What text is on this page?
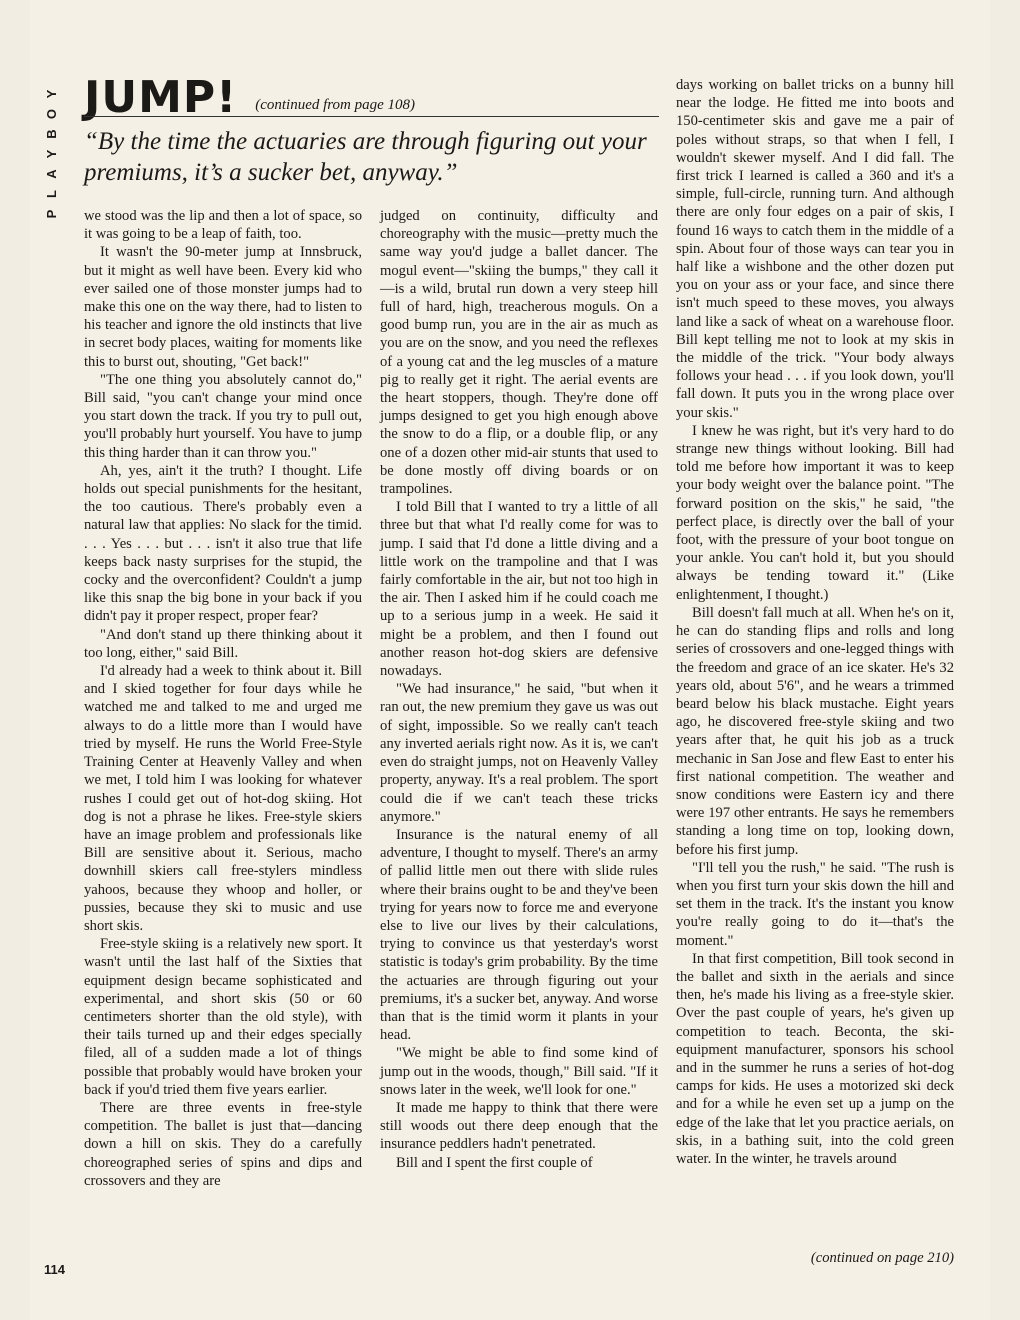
Y
O
B
Y
A
L
P
JUMP! (continued from page 108)
“By the time the actuaries are through figuring out your premiums, it’s a sucker bet, anyway.”

we stood was the lip and then a lot of space, so it was going to be a leap of faith, too.

It wasn't the 90-meter jump at Innsbruck, but it might as well have been. Every kid who ever sailed one of those monster jumps had to make this one on the way there, had to listen to his teacher and ignore the old instincts that live in secret body places, waiting for moments like this to burst out, shouting, "Get back!"

"The one thing you absolutely cannot do," Bill said, "you can't change your mind once you start down the track. If you try to pull out, you'll probably hurt yourself. You have to jump this thing harder than it can throw you."

Ah, yes, ain't it the truth? I thought. Life holds out special punishments for the hesitant, the too cautious. There's probably even a natural law that applies: No slack for the timid. . . . Yes . . . but . . . isn't it also true that life keeps back nasty surprises for the stupid, the cocky and the overconfident? Couldn't a jump like this snap the big bone in your back if you didn't pay it proper respect, proper fear?

"And don't stand up there thinking about it too long, either," said Bill.

I'd already had a week to think about it. Bill and I skied together for four days while he watched me and talked to me and urged me always to do a little more than I would have tried by myself. He runs the World Free-Style Training Center at Heavenly Valley and when we met, I told him I was looking for whatever rushes I could get out of hot-dog skiing. Hot dog is not a phrase he likes. Free-style skiers have an image problem and professionals like Bill are sensitive about it. Serious, macho downhill skiers call free-stylers mindless yahoos, because they whoop and holler, or pussies, because they ski to music and use short skis.

Free-style skiing is a relatively new sport. It wasn't until the last half of the Sixties that equipment design became sophisticated and experimental, and short skis (50 or 60 centimeters shorter than the old style), with their tails turned up and their edges specially filed, all of a sudden made a lot of things possible that probably would have broken your back if you'd tried them five years earlier.

There are three events in free-style competition. The ballet is just that—dancing down a hill on skis. They do a carefully choreographed series of spins and dips and crossovers and they are

judged on continuity, difficulty and choreography with the music—pretty much the same way you'd judge a ballet dancer. The mogul event—"skiing the bumps," they call it—is a wild, brutal run down a very steep hill full of hard, high, treacherous moguls. On a good bump run, you are in the air as much as you are on the snow, and you need the reflexes of a young cat and the leg muscles of a mature pig to really get it right. The aerial events are the heart stoppers, though. They're done off jumps designed to get you high enough above the snow to do a flip, or a double flip, or any one of a dozen other mid-air stunts that used to be done mostly off diving boards or on trampolines.

I told Bill that I wanted to try a little of all three but that what I'd really come for was to jump. I said that I'd done a little diving and a little work on the trampoline and that I was fairly comfortable in the air, but not too high in the air. Then I asked him if he could coach me up to a serious jump in a week. He said it might be a problem, and then I found out another reason hot-dog skiers are defensive nowadays.

"We had insurance," he said, "but when it ran out, the new premium they gave us was out of sight, impossible. So we really can't teach any inverted aerials right now. As it is, we can't even do straight jumps, not on Heavenly Valley property, anyway. It's a real problem. The sport could die if we can't teach these tricks anymore."

Insurance is the natural enemy of all adventure, I thought to myself. There's an army of pallid little men out there with slide rules where their brains ought to be and they've been trying for years now to force me and everyone else to live our lives by their calculations, trying to convince us that yesterday's worst statistic is today's grim probability. By the time the actuaries are through figuring out your premiums, it's a sucker bet, anyway. And worse than that is the timid worm it plants in your head.

"We might be able to find some kind of jump out in the woods, though," Bill said. "If it snows later in the week, we'll look for one."

It made me happy to think that there were still woods out there deep enough that the insurance peddlers hadn't penetrated.

Bill and I spent the first couple of

days working on ballet tricks on a bunny hill near the lodge. He fitted me into boots and 150-centimeter skis and gave me a pair of poles without straps, so that when I fell, I wouldn't skewer myself. And I did fall. The first trick I learned is called a 360 and it's a simple, full-circle, running turn. And although there are only four edges on a pair of skis, I found 16 ways to catch them in the middle of a spin. About four of those ways can tear you in half like a wishbone and the other dozen put you on your ass or your face, and since there isn't much speed to these moves, you always land like a sack of wheat on a warehouse floor. Bill kept telling me not to look at my skis in the middle of the trick. "Your body always follows your head . . . if you look down, you'll fall down. It puts you in the wrong place over your skis."

I knew he was right, but it's very hard to do strange new things without looking. Bill had told me before how important it was to keep your body weight over the balance point. "The forward position on the skis," he said, "the perfect place, is directly over the ball of your foot, with the pressure of your boot tongue on your ankle. You can't hold it, but you should always be tending toward it." (Like enlightenment, I thought.)

Bill doesn't fall much at all. When he's on it, he can do standing flips and rolls and long series of crossovers and one-legged things with the freedom and grace of an ice skater. He's 32 years old, about 5'6", and he wears a trimmed beard below his black mustache. Eight years ago, he discovered free-style skiing and two years after that, he quit his job as a truck mechanic in San Jose and flew East to enter his first national competition. The weather and snow conditions were Eastern icy and there were 197 other entrants. He says he remembers standing a long time on top, looking down, before his first jump.

"I'll tell you the rush," he said. "The rush is when you first turn your skis down the hill and set them in the track. It's the instant you know you're really going to do it—that's the moment."

In that first competition, Bill took second in the ballet and sixth in the aerials and since then, he's made his living as a free-style skier. Over the past couple of years, he's given up competition to teach. Beconta, the ski-equipment manufacturer, sponsors his school and in the summer he runs a series of hot-dog camps for kids. He uses a motorized ski deck and for a while he even set up a jump on the edge of the lake that let you practice aerials, on skis, in a bathing suit, into the cold green water. In the winter, he travels around

114
(continued on page 210)
